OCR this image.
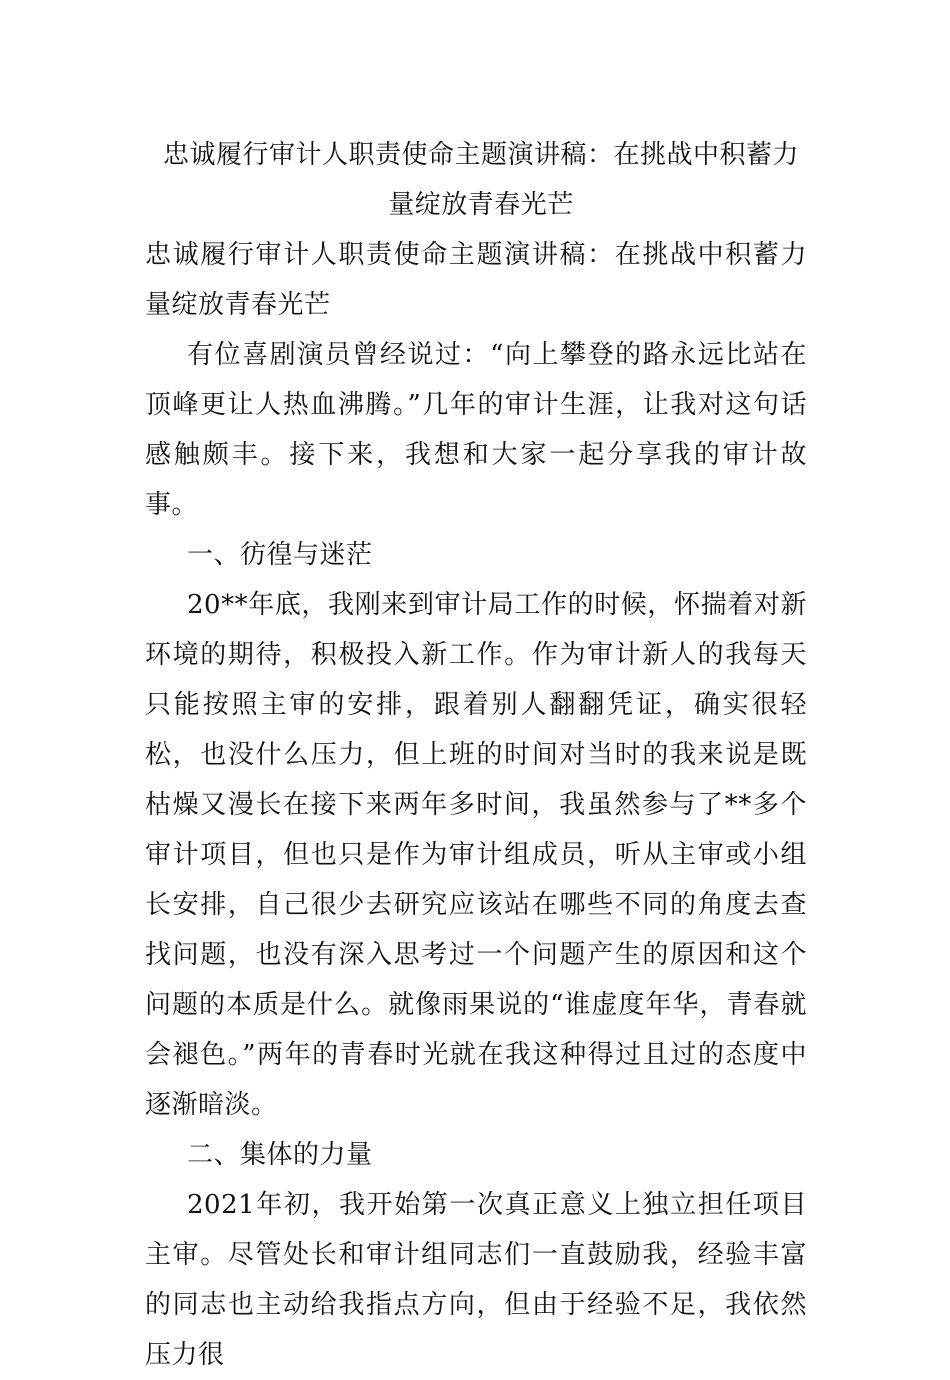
忠诚履行审计人职责使命主题演讲稿：在挑战中积蓄力量绽放青春光芒

忠诚履行审计人职责使命主题演讲稿：在挑战中积蓄力量绽放青春光芒

有位喜剧演员曾经说过：“向上攀登的路永远比站在顶峰更让人热血沸腾。”几年的审计生涯，让我对这句话感触颇丰。接下来，我想和大家一起分享我的审计故事。

一、彷徨与迷茫

20**年底，我刚来到审计局工作的时候，怀揣着对新环境的期待，积极投入新工作。作为审计新人的我每天只能按照主审的安排，跟着别人翻翻凭证，确实很轻松，也没什么压力，但上班的时间对当时的我来说是既枯燥又漫长在接下来两年多时间，我虽然参与了**多个审计项目，但也只是作为审计组成员，听从主审或小组长安排，自己很少去研究应该站在哪些不同的角度去查找问题，也没有深入思考过一个问题产生的原因和这个问题的本质是什么。就像雨果说的“谁虚度年华，青春就会褪色。”两年的青春时光就在我这种得过且过的态度中逐渐暗淡。

二、集体的力量

2021年初，我开始第一次真正意义上独立担任项目主审。尽管处长和审计组同志们一直鼓励我，经验丰富的同志也主动给我指点方向，但由于经验不足，我依然压力很
